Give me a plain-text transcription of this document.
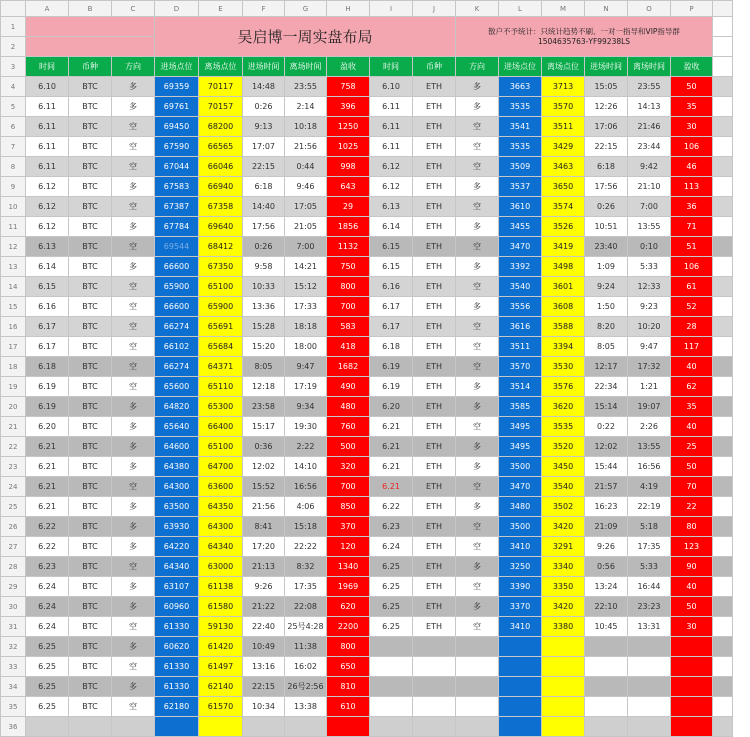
	A	B	C	D	E	F	G	H	I	J	K	L	M	N	O	P	
1				吴启博一周实盘布局							散户不予统计：只统计趋势不刷、一对一指导和VIP指导群
1504635763-YF99238LS						
2																	
3	时间	币种	方向	进场点位	离场点位	进场时间	离场时间	盈收	时间	币种	方向	进场点位	离场点位	进场时间	离场时间	盈收	
4	6.10	BTC	多	69359	70117	14:48	23:55	758	6.10	ETH	多	3663	3713	15:05	23:55	50	
5	6.11	BTC	多	69761	70157	0:26	2:14	396	6.11	ETH	多	3535	3570	12:26	14:13	35	
6	6.11	BTC	空	69450	68200	9:13	10:18	1250	6.11	ETH	空	3541	3511	17:06	21:46	30	
7	6.11	BTC	空	67590	66565	17:07	21:56	1025	6.11	ETH	空	3535	3429	22:15	23:44	106	
8	6.11	BTC	空	67044	66046	22:15	0:44	998	6.12	ETH	空	3509	3463	6:18	9:42	46	
9	6.12	BTC	多	67583	66940	6:18	9:46	643	6.12	ETH	多	3537	3650	17:56	21:10	113	
10	6.12	BTC	空	67387	67358	14:40	17:05	29	6.13	ETH	空	3610	3574	0:26	7:00	36	
11	6.12	BTC	多	67784	69640	17:56	21:05	1856	6.14	ETH	多	3455	3526	10:51	13:55	71	
12	6.13	BTC	空	69544	68412	0:26	7:00	1132	6.15	ETH	空	3470	3419	23:40	0:10	51	
13	6.14	BTC	多	66600	67350	9:58	14:21	750	6.15	ETH	多	3392	3498	1:09	5:33	106	
14	6.15	BTC	空	65900	65100	10:33	15:12	800	6.16	ETH	空	3540	3601	9:24	12:33	61	
15	6.16	BTC	空	66600	65900	13:36	17:33	700	6.17	ETH	多	3556	3608	1:50	9:23	52	
16	6.17	BTC	空	66274	65691	15:28	18:18	583	6.17	ETH	空	3616	3588	8:20	10:20	28	
17	6.17	BTC	空	66102	65684	15:20	18:00	418	6.18	ETH	空	3511	3394	8:05	9:47	117	
18	6.18	BTC	空	66274	64371	8:05	9:47	1682	6.19	ETH	空	3570	3530	12:17	17:32	40	
19	6.19	BTC	空	65600	65110	12:18	17:19	490	6.19	ETH	多	3514	3576	22:34	1:21	62	
20	6.19	BTC	多	64820	65300	23:58	9:34	480	6.20	ETH	多	3585	3620	15:14	19:07	35	
21	6.20	BTC	多	65640	66400	15:17	19:30	760	6.21	ETH	空	3495	3535	0:22	2:26	40	
22	6.21	BTC	多	64600	65100	0:36	2:22	500	6.21	ETH	多	3495	3520	12:02	13:55	25	
23	6.21	BTC	多	64380	64700	12:02	14:10	320	6.21	ETH	多	3500	3450	15:44	16:56	50	
24	6.21	BTC	空	64300	63600	15:52	16:56	700	6.21	ETH	空	3470	3540	21:57	4:19	70	
25	6.21	BTC	多	63500	64350	21:56	4:06	850	6.22	ETH	多	3480	3502	16:23	22:19	22	
26	6.22	BTC	多	63930	64300	8:41	15:18	370	6.23	ETH	空	3500	3420	21:09	5:18	80	
27	6.22	BTC	多	64220	64340	17:20	22:22	120	6.24	ETH	空	3410	3291	9:26	17:35	123	
28	6.23	BTC	空	64340	63000	21:13	8:32	1340	6.25	ETH	多	3250	3340	0:56	5:33	90	
29	6.24	BTC	多	63107	61138	9:26	17:35	1969	6.25	ETH	空	3390	3350	13:24	16:44	40	
30	6.24	BTC	多	60960	61580	21:22	22:08	620	6.25	ETH	多	3370	3420	22:10	23:23	50	
31	6.24	BTC	空	61330	59130	22:40	25号4:28	2200	6.25	ETH	空	3410	3380	10:45	13:31	30	
32	6.25	BTC	多	60620	61420	10:49	11:38	800									
33	6.25	BTC	空	61330	61497	13:16	16:02	650									
34	6.25	BTC	多	61330	62140	22:15	26号2:56	810									
35	6.25	BTC	空	62180	61570	10:34	13:38	610									
36																	
